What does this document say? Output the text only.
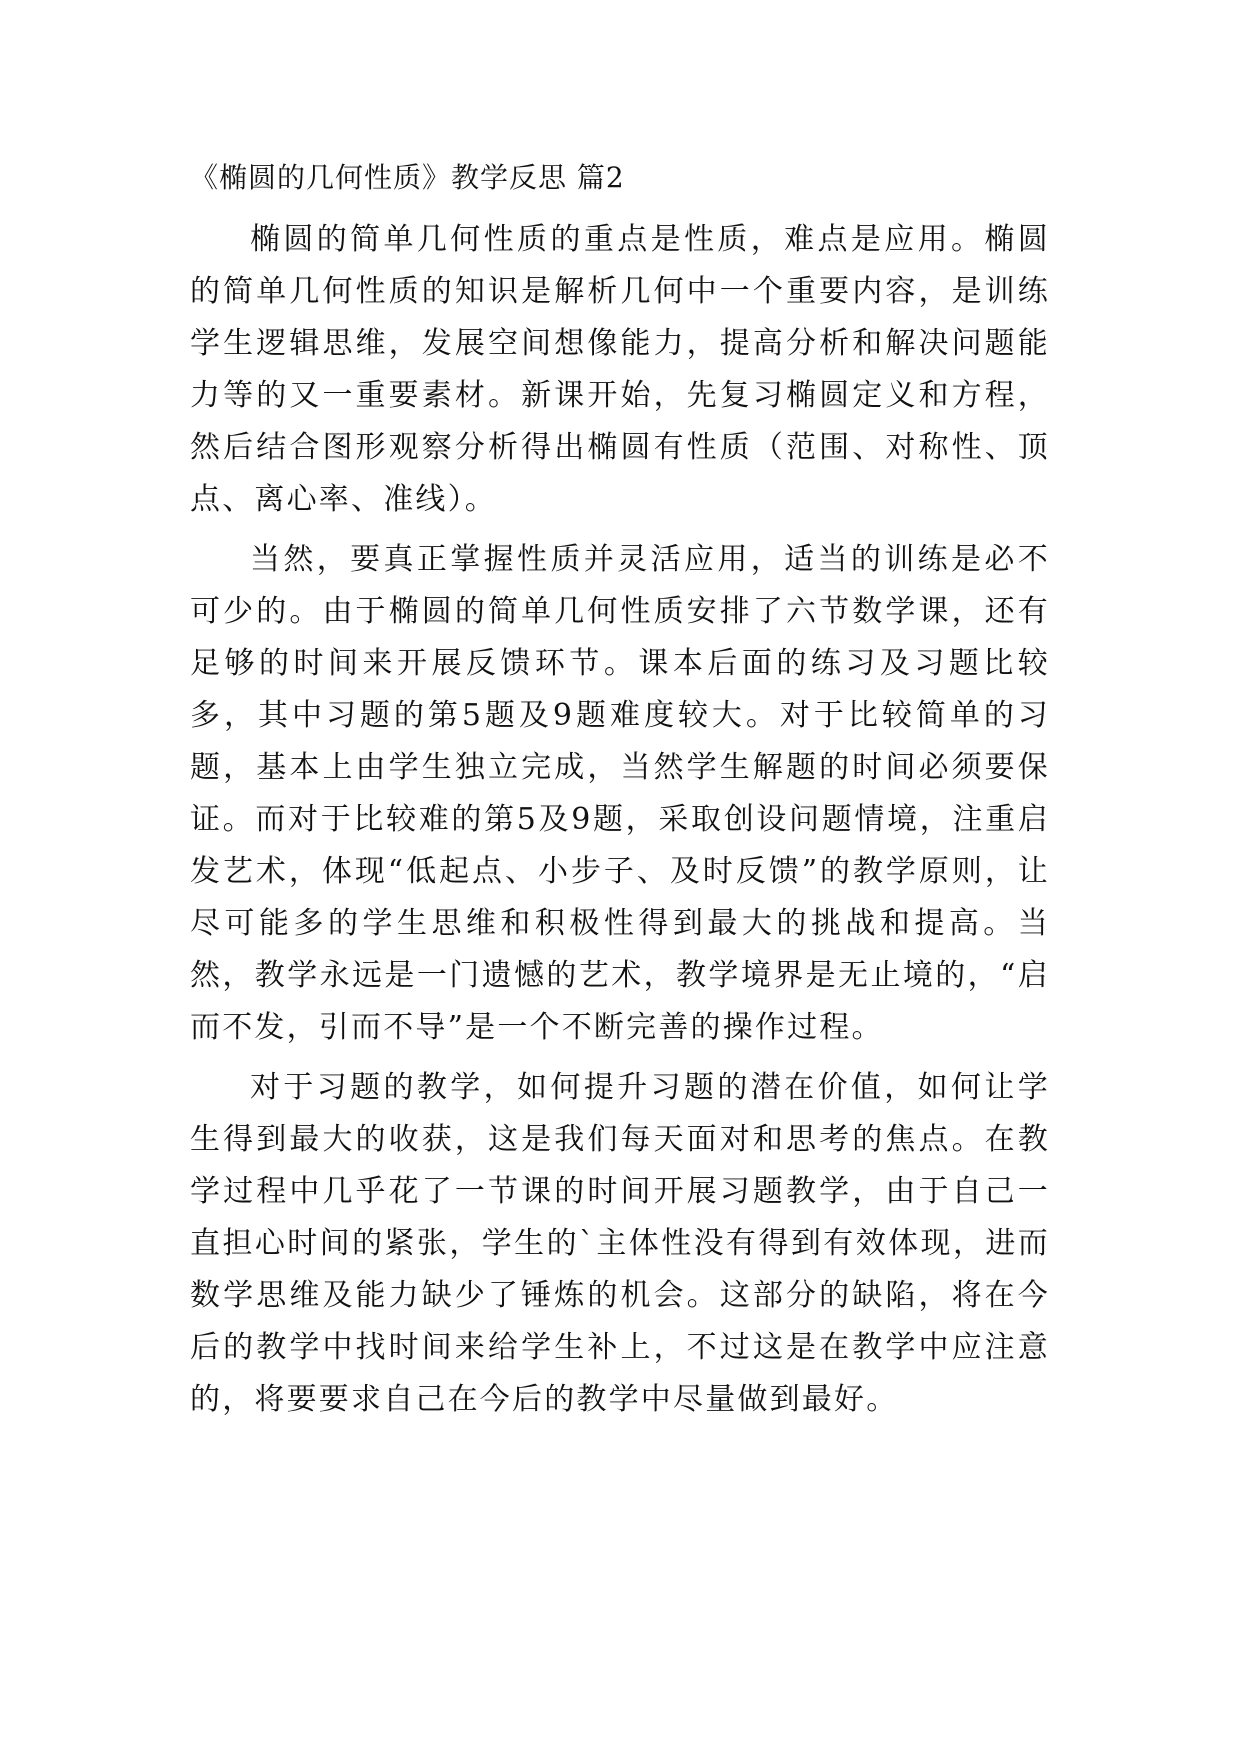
《椭圆的几何性质》教学反思 篇2

椭圆的简单几何性质的重点是性质，难点是应用。椭圆的简单几何性质的知识是解析几何中一个重要内容，是训练学生逻辑思维，发展空间想像能力，提高分析和解决问题能力等的又一重要素材。新课开始，先复习椭圆定义和方程，然后结合图形观察分析得出椭圆有性质（范围、对称性、顶点、离心率、准线）。

当然，要真正掌握性质并灵活应用，适当的训练是必不可少的。由于椭圆的简单几何性质安排了六节数学课，还有足够的时间来开展反馈环节。课本后面的练习及习题比较多，其中习题的第5题及9题难度较大。对于比较简单的习题，基本上由学生独立完成，当然学生解题的时间必须要保证。而对于比较难的第5及9题，采取创设问题情境，注重启发艺术，体现“低起点、小步子、及时反馈”的教学原则，让尽可能多的学生思维和积极性得到最大的挑战和提高。当然，教学永远是一门遗憾的艺术，教学境界是无止境的，“启而不发，引而不导”是一个不断完善的操作过程。

对于习题的教学，如何提升习题的潜在价值，如何让学生得到最大的收获，这是我们每天面对和思考的焦点。在教学过程中几乎花了一节课的时间开展习题教学，由于自己一直担心时间的紧张，学生的`主体性没有得到有效体现，进而数学思维及能力缺少了锤炼的机会。这部分的缺陷，将在今后的教学中找时间来给学生补上，不过这是在教学中应注意的，将要要求自己在今后的教学中尽量做到最好。
